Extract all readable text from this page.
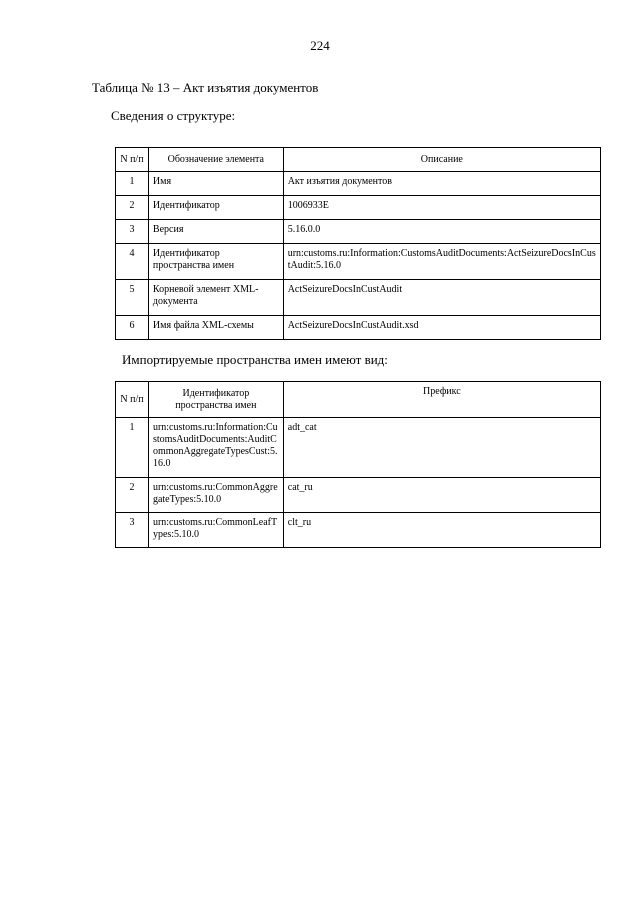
224
Таблица № 13 – Акт изъятия документов
Сведения о структуре:
N п/п	Обозначение элемента	Описание
1	Имя	Акт изъятия документов
2	Идентификатор	1006933E
3	Версия	5.16.0.0
4	Идентификатор пространства имен	urn:customs.ru:Information:CustomsAuditDocuments:ActSeizureDocsInCustAudit:5.16.0
5	Корневой элемент XML-документа	ActSeizureDocsInCustAudit
6	Имя файла XML-схемы	ActSeizureDocsInCustAudit.xsd
Импортируемые пространства имен имеют вид:
N п/п	Идентификатор пространства имен	Префикс
1	urn:customs.ru:Information:CustomsAuditDocuments:AuditCommonAggregateTypesCust:5.16.0	adt_cat
2	urn:customs.ru:CommonAggregateTypes:5.10.0	cat_ru
3	urn:customs.ru:CommonLeafTypes:5.10.0	clt_ru
